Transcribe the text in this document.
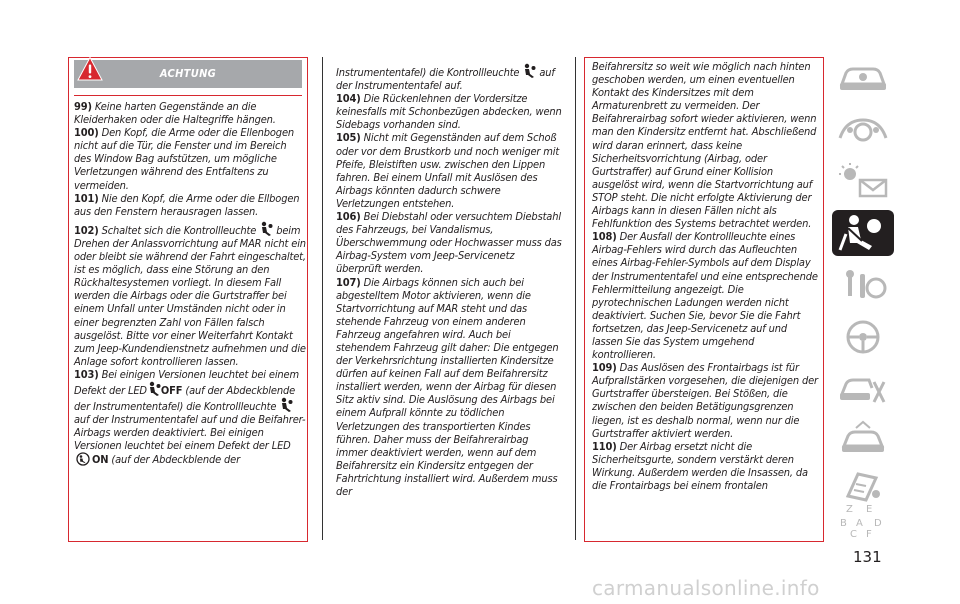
ACHTUNG

99) Keine harten Gegenstände an die Kleiderhaken oder die Haltegriffe hängen.

100) Den Kopf, die Arme oder die Ellenbogen nicht auf die Tür, die Fenster und im Bereich des Window Bag aufstützen, um mögliche Verletzungen während des Entfaltens zu vermeiden.

101) Nie den Kopf, die Arme oder die Ellbogen aus den Fenstern herausragen lassen.

102) Schaltet sich die Kontrollleuchte beim Drehen der Anlassvorrichtung auf MAR nicht ein oder bleibt sie während der Fahrt eingeschaltet, ist es möglich, dass eine Störung an den Rückhaltesystemen vorliegt. In diesem Fall werden die Airbags oder die Gurtstraffer bei einem Unfall unter Umständen nicht oder in einer begrenzten Zahl von Fällen falsch ausgelöst. Bitte vor einer Weiterfahrt Kontakt zum Jeep-Kundendienstnetz aufnehmen und die Anlage sofort kontrollieren lassen.

103) Bei einigen Versionen leuchtet bei einem Defekt der LED OFF (auf der Abdeckblende der Instrumententafel) die Kontrollleuchte  auf der Instrumententafel auf und die Beifahrer-Airbags werden deaktiviert. Bei einigen Versionen leuchtet bei einem Defekt der LEDON (auf der Abdeckblende der

Instrumententafel) die Kontrollleuchte auf der Instrumententafel auf.

104) Die Rückenlehnen der Vordersitze keinesfalls mit Schonbezügen abdecken, wenn Sidebags vorhanden sind.

105) Nicht mit Gegenständen auf dem Schoß oder vor dem Brustkorb und noch weniger mit Pfeife, Bleistiften usw. zwischen den Lippen fahren. Bei einem Unfall mit Auslösen des Airbags könnten dadurch schwere Verletzungen entstehen.

106) Bei Diebstahl oder versuchtem Diebstahl des Fahrzeugs, bei Vandalismus, Überschwemmung oder Hochwasser muss das Airbag-System vom Jeep-Servicenetz überprüft werden.

107) Die Airbags können sich auch bei abgestelltem Motor aktivieren, wenn die Startvorrichtung auf MAR steht und das stehende Fahrzeug von einem anderen Fahrzeug angefahren wird. Auch bei stehendem Fahrzeug gilt daher: Die entgegen der Verkehrsrichtung installierten Kindersitze dürfen auf keinen Fall auf dem Beifahrersitz installiert werden, wenn der Airbag für diesen Sitz aktiv sind. Die Auslösung des Airbags bei einem Aufprall könnte zu tödlichen Verletzungen des transportierten Kindes führen. Daher muss der Beifahrerairbag immer deaktiviert werden, wenn auf dem Beifahrersitz ein Kindersitz entgegen der Fahrtrichtung installiert wird. Außerdem muss der

Beifahrersitz so weit wie möglich nach hinten geschoben werden, um einen eventuellen Kontakt des Kindersitzes mit dem Armaturenbrett zu vermeiden. Der Beifahrerairbag sofort wieder aktivieren, wenn man den Kindersitz entfernt hat. Abschließend wird daran erinnert, dass keine Sicherheitsvorrichtung (Airbag, oder Gurtstraffer) auf Grund einer Kollision ausgelöst wird, wenn die Startvorrichtung auf STOP steht. Die nicht erfolgte Aktivierung der Airbags kann in diesen Fällen nicht als Fehlfunktion des Systems betrachtet werden.

108) Der Ausfall der Kontrollleuchte eines Airbag-Fehlers wird durch das Aufleuchten eines Airbag-Fehler-Symbols auf dem Display der Instrumententafel und eine entsprechende Fehlermitteilung angezeigt. Die pyrotechnischen Ladungen werden nicht deaktiviert. Suchen Sie, bevor Sie die Fahrt fortsetzen, das Jeep-Servicenetz auf und lassen Sie das System umgehend kontrollieren.

109) Das Auslösen des Frontairbags ist für Aufprallstärken vorgesehen, die diejenigen der Gurtstraffer übersteigen. Bei Stößen, die zwischen den beiden Betätigungsgrenzen liegen, ist es deshalb normal, wenn nur die Gurtstraffer aktiviert werden.

110) Der Airbag ersetzt nicht die Sicherheitsgurte, sondern verstärkt deren Wirkung. Außerdem werden die Insassen, da die Frontairbags bei einem frontalen

Z E
B A D
C F
131
carmanualsonline.info
